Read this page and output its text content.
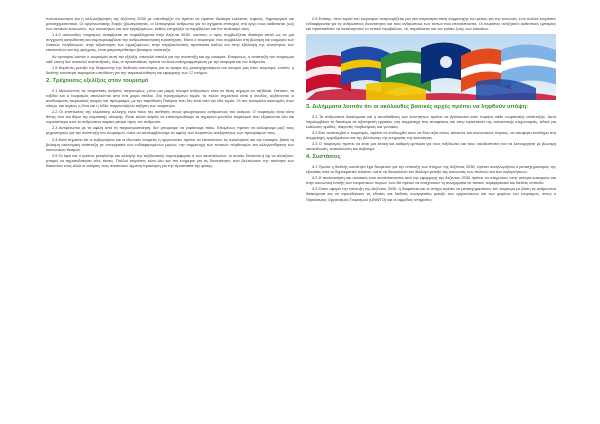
πολυπλοκότητα και η αλληλεξάρτηση της Ατζέντας 2030 με υπενθυμίζει ότι πρέπει να είμαστε ιδιαίτερα ευέλικτοι, ευφυείς, δημιουργικοί και μετασχηματιστικοί. Οι οργάνωσιακής δομής (βιωσιμότητας, οι λειτουργικοί άνθρωποι για τα σχήματα επιτυχίας στο έργο τους καθίσταται (ως) των τοπικών κοινωνιών, των κοινοτήτων και των εργαζομένων, καθώς επηρεάζει το περιβάλλον και τον πολιτισμό τους.

1.4.0 ακόλουθος τουρισμός αναφέρεται σε παραδείγματα στην Ατζέντα 2030, ωστόσο, ο όρος συμβολίζεται ιδιαίτερα απλά ως σε μια σύγχρονη κατεύθυνση και συμπεριλαμβάνει την ανθρωποκεντρική προσέγγιση. Μόνο ο τουρισμός που συμβάλλει στη βιώσιμη και ευημερία των τοπικών πληθυσμών, στην αξιοποίηση των εργαζομένων, στην περιβαλλοντική προστασία καθώς και στην εξάλειψη της ανισότητας των επισκεπτών και της φτώχειας, είναι μακροπρόθεσμα βιώσιμος ανάπτυξη.

Αν αγνοήσει λοιπόν ο τουρισμός αυτή την εξέλιξη, αποτελεί απειλή για την ανάπτυξη και όχι ευκαιρία. Επομένως, η ανάπτυξη του τουρισμού καθ' εαυτή δεν αποτελεί αναπτυξιακή, όλες οι προσπάθειες πρέπει να είναι ευθυγραμμισμένες με την αειφορία και τον άνθρωπο.

1.5 Καμπύλη μεταξύ της δέσμευσης της διεθνούς κοινότητας για το όραμα της μετασχηματισμού του κόσμου μας στον τουρισμό, λοιπόν, η διεθνής κοινότητα παραμένει υπεύθυνη για την παρακολούθηση και εφαρμογή των 17 στόχων.

2. Τρέχουσες εξελίξεις στον τουρισμό

2.1 Μελετώντας τις τουριστικές κινήσεις παγκοσμίως, μόνο μια μικρή πλευρά ανθρώπων είναι σε θέση σήμερα να ταξιδεύει. Ωστόσο, τα ταξίδια και ο τουρισμός απειλούνται από ένα μικρό στάδιο. Στο προηγούμενο τομέα, το πλέον σημαντικό είναι η άνοδος, αυξάνονται οι αναδυόμενες τουριστικές αγορές και προορισμοί, με την παράδοση Πατέρας που δεν είναι από τον ίδιο τομέα. Οι πιο πολυμέσα οικονομίες στον κόσμο, και κυρίως η Κίνα και η Ινδία, παρουσιάζουν αύξηση των τουριστών.

2.2 Οι επιπτώσεις της κλιματικής αλλαγής είναι πολύ πιο αισθητές στους φτωχότερους ανθρώπους του κόσμου. Ο τουρισμός είναι τόσο θύτης όσο και θύμα της κλιματικής αλλαγής. Είναι πλέον καιρός να επικεντρωθούμε τα σημερινά μοντέλα τουρισμού που εξαρτώνται όλο και περισσότερο από το ανθρώπινο καιρικό ρεύμα προς τον άνθρωπο.

2.3 Αντιμέτωποι με τα οφέλη από τη παγκοσμιοποίηση, δεν μπορούμε να γυρίσουμε πίσω. Επομένως πρέπει να καλύψουμε μαζί τους μηχανισμούς για την ανάπτυξη του τουρισμού, ώστε να απολαμβάνουμε τα οφέλη των τουριστών ανεξαρτήτως των προορισμών τους.

2.4 Αυτό σημαίνει ότι οι κυβερνήσεις και οι ιδιωτικές εταιρείες ή οργανώσεις πρέπει να επεκτείνουν τις προκλήσεις και την ευκαιρία, βάσει τη βιώσιμη οικονομική ανάπτυξη με συνεργασία των ενδιαφερομένων μερών, την συμμετοχή των τοπικών πληθυσμών και αλληλεπίδραση των κοινωνικών θεσμών.

2.5 Οι όροι και ο τρόπος μεταβολής και αλλαγής της ταξιδιωτικής συμπεριφοράς ή των καταναλωτών, οι οποίες δύνανται ή όχι να αλλάζουν, μπορεί να σηματοδοτήσει νέες τάσεις. Πολλοί τουρίστες είναι όλο και πιο ενήμεροι για τις δυνατότητες που βελτιώνουν την ποιότητα των διακοπών τους αλλά οι ανάγκες τους αποτελούν έμμεση πρόκληση για την προστασία της φύσης.

2.6 Επίσης, στον τομέα του τουρισμού αναγνωρίζεται μια νέα παγκόσμια τάση συμμετοχής του μέσου για την κοινωνία, ενώ πολλοί τουρίστες ενδιαφέρονται για τις ανθρώπινες δυνατότητες και τους ανθρώπους των τόπων που επισκέπτονται. Οι τουρίστες αναζητούν αυθεντικές εμπειρίες και προσπαθούν να κατανοήσουν το τοπικό περιβάλλον, τις παραδόσεις και τον τρόπο ζωής των κατοίκων.

3. Διλήμματα λοιπόν ότι οι ακόλουθες βασικές αρχές πρέπει να ληφθούν υπόψη:

3.1 Τα ανθρώπινα δικαιώματα και η αυτοδιάθεση των κοινοτήτων πρέπει να βρίσκονται στον πυρήνα κάθε τουριστικής ανάπτυξης. Αυτό περιλαμβάνει το δικαίωμα σε αξιοπρεπή εργασία, στη συμμετοχή στις αποφάσεις και στην προστασία της πολιτιστικής κληρονομιάς, ειδικά για ευάλωτες ομάδες, ιθαγενείς πληθυσμούς και γυναίκες.

3.2 Εάν αναπτυχθεί ο τουρισμός, πρέπει να επιδιωχθεί αυτό να δίνει αξία στους τοπικούς και κοινωνικούς πόρους, να αποφέρει εισόδημα στη συμμετοχή, εργαζομένων και της βελτίωσης της ευημερίας της κοινότητας.

3.3 Ο τουρισμός πρέπει να είναι μια θετική και καθαρή εμπειρία για τους ταξιδιώτες και τους οικοδεσπότες και να λειτουργήσει με βιώσιμη κατανάλωση, ανακύκλωση και σεβασμό.

4. Συστάσεις

4.1 Πρώτα η διεθνής κοινότητα έχει δεσμευτεί για την επίτευξη των στόχων της Ατζέντας 2030, πρέπει αναγνωρίζεται ο μετασχηματισμός της εξουσίας από το δημοκρατικό πλαίσιο, ώστε να διευκολύνει τον διάλογο μεταξύ της κοινωνίας των πολιτών και των κυβερνήσεων.

4.2 Η πιστοποίηση και πολιτικές που αναπτύσσονται από την εφαρμογή της Ατζέντας 2030 πρέπει να στοχεύουν στην ισότητα ευκαιριών και στην κοινωνική ένταξη των τουριστικών πόρων, ενώ θα πρέπει να ενισχύσουν τη συνεργασία σε τοπικό, περιφερειακό και διεθνές επίπεδο.

4.3 Όσον αφορά την επίτευξη της Ατζέντας 2030, η διαφάνεια και οι στόχοι πρέπει να μετασχηματίσουν τον τουρισμό με βάση τα ανθρώπινα δικαιώματα και να προωθήσουν τις εθνικές και διεθνείς συνεργασίες μεταξύ των οργανώσεων και των φορέων του τουρισμού, όπως ο Παγκόσμιος Οργανισμός Τουρισμού (UNWTO) και οι αρμόδιες υπηρεσίες.
